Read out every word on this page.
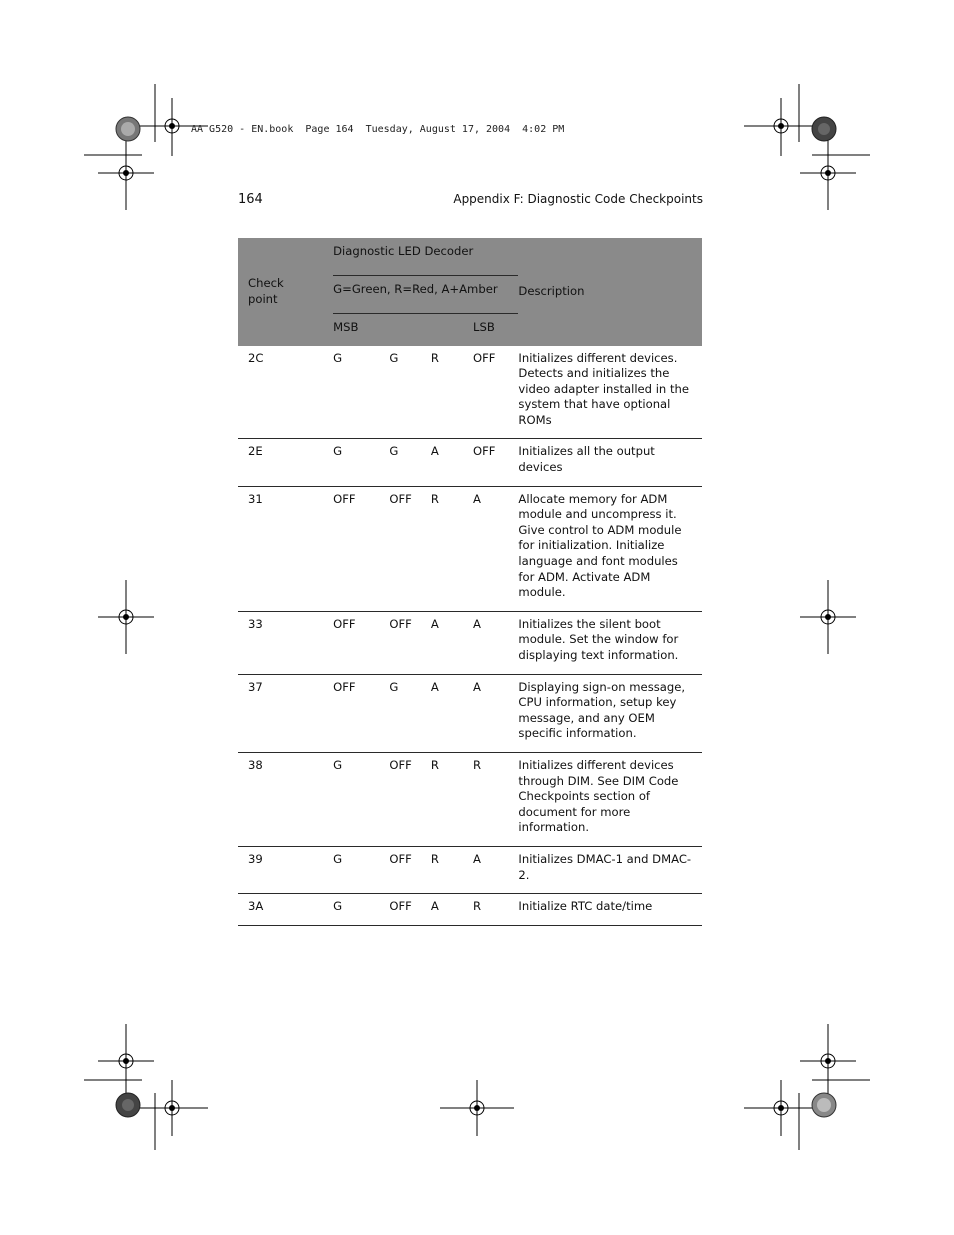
AA G520 - EN.book  Page 164  Tuesday, August 17, 2004  4:02 PM
164	Appendix F: Diagnostic Code Checkpoints
Check point	Diagnostic LED Decoder				Description
	G=Green, R=Red, A+Amber				
	MSB			LSB	
2C	G	G	R	OFF	Initializes different devices. Detects and initializes the video adapter installed in the system that have optional ROMs
2E	G	G	A	OFF	Initializes all the output devices
31	OFF	OFF	R	A	Allocate memory for ADM module and uncompress it. Give control to ADM module for initialization. Initialize language and font modules for ADM. Activate ADM module.
33	OFF	OFF	A	A	Initializes the silent boot module. Set the window for displaying text information.
37	OFF	G	A	A	Displaying sign-on message, CPU information, setup key message, and any OEM specific information.
38	G	OFF	R	R	Initializes different devices through DIM. See DIM Code Checkpoints section of document for more information.
39	G	OFF	R	A	Initializes DMAC-1 and DMAC-2.
3A	G	OFF	A	R	Initialize RTC date/time
